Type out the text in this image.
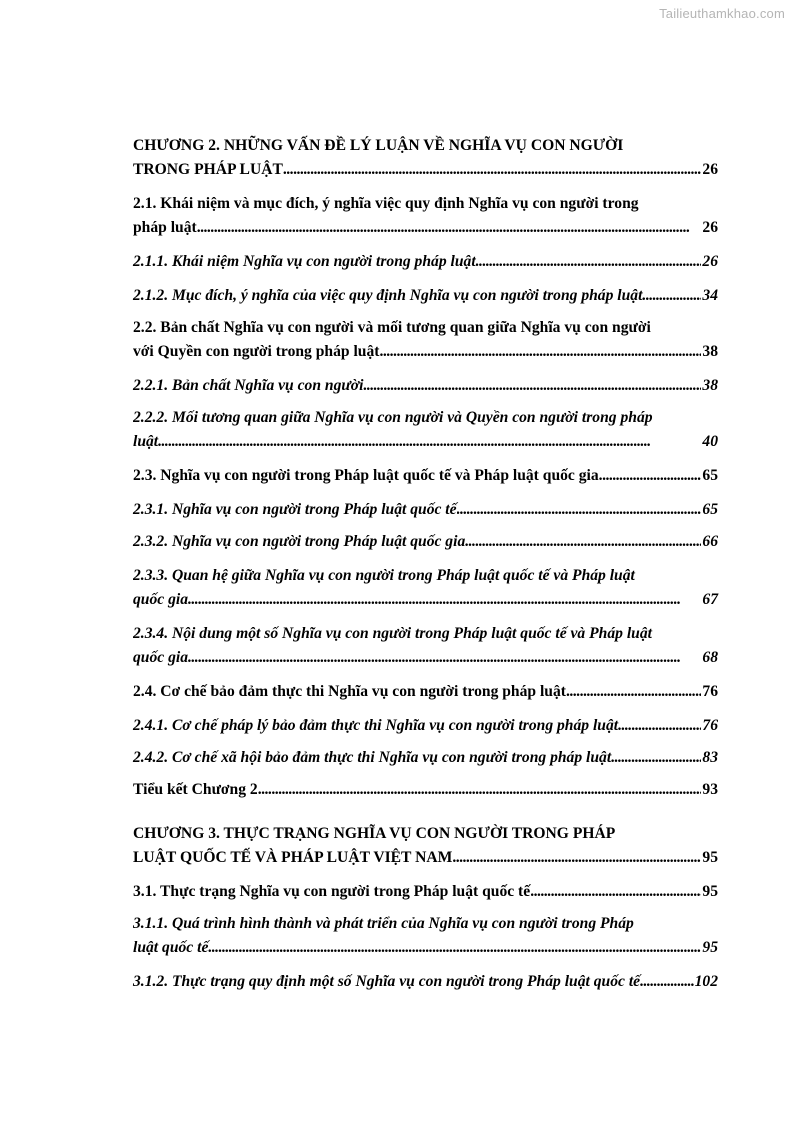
Tailieuthamkhao.com
CHƯƠNG 2. NHỮNG VẤN ĐỀ LÝ LUẬN VỀ NGHĨA VỤ CON NGƯỜI
TRONG PHÁP LUẬT . . .	26
2.1. Khái niệm và mục đích, ý nghĩa việc quy định Nghĩa vụ con người trong
pháp luật . . .	26
2.1.1. Khái niệm Nghĩa vụ con người trong pháp luật . . .	26
2.1.2. Mục đích, ý nghĩa của việc quy định Nghĩa vụ con người trong pháp luật . . .	34
2.2. Bản chất Nghĩa vụ con người và mối tương quan giữa Nghĩa vụ con người
với Quyền con người trong pháp luật . . .	38
2.2.1. Bản chất Nghĩa vụ con người . . .	38
2.2.2. Mối tương quan giữa Nghĩa vụ con người và Quyền con người trong pháp
luật . . .	40
2.3. Nghĩa vụ con người trong Pháp luật quốc tế và Pháp luật quốc gia . . .	65
2.3.1. Nghĩa vụ con người trong Pháp luật quốc tế . . .	65
2.3.2. Nghĩa vụ con người trong Pháp luật quốc gia . . .	66
2.3.3. Quan hệ giữa Nghĩa vụ con người trong Pháp luật quốc tế và Pháp luật
quốc gia . . .	67
2.3.4. Nội dung một số Nghĩa vụ con người trong Pháp luật quốc tế và Pháp luật
quốc gia . . .	68
2.4. Cơ chế bảo đảm thực thi Nghĩa vụ con người trong pháp luật . . .	76
2.4.1. Cơ chế pháp lý bảo đảm thực thi Nghĩa vụ con người trong pháp luật . . .	76
2.4.2. Cơ chế xã hội bảo đảm thực thi Nghĩa vụ con người trong pháp luật . . .	83
Tiểu kết Chương 2 . . .	93
CHƯƠNG 3. THỰC TRẠNG NGHĨA VỤ CON NGƯỜI TRONG PHÁP
LUẬT QUỐC TẾ VÀ PHÁP LUẬT VIỆT NAM . . .	95
3.1. Thực trạng Nghĩa vụ con người trong Pháp luật quốc tế . . .	95
3.1.1. Quá trình hình thành và phát triển của Nghĩa vụ con người trong Pháp
luật quốc tế . . .	95
3.1.2. Thực trạng quy định một số Nghĩa vụ con người trong Pháp luật quốc tế . . .	102
